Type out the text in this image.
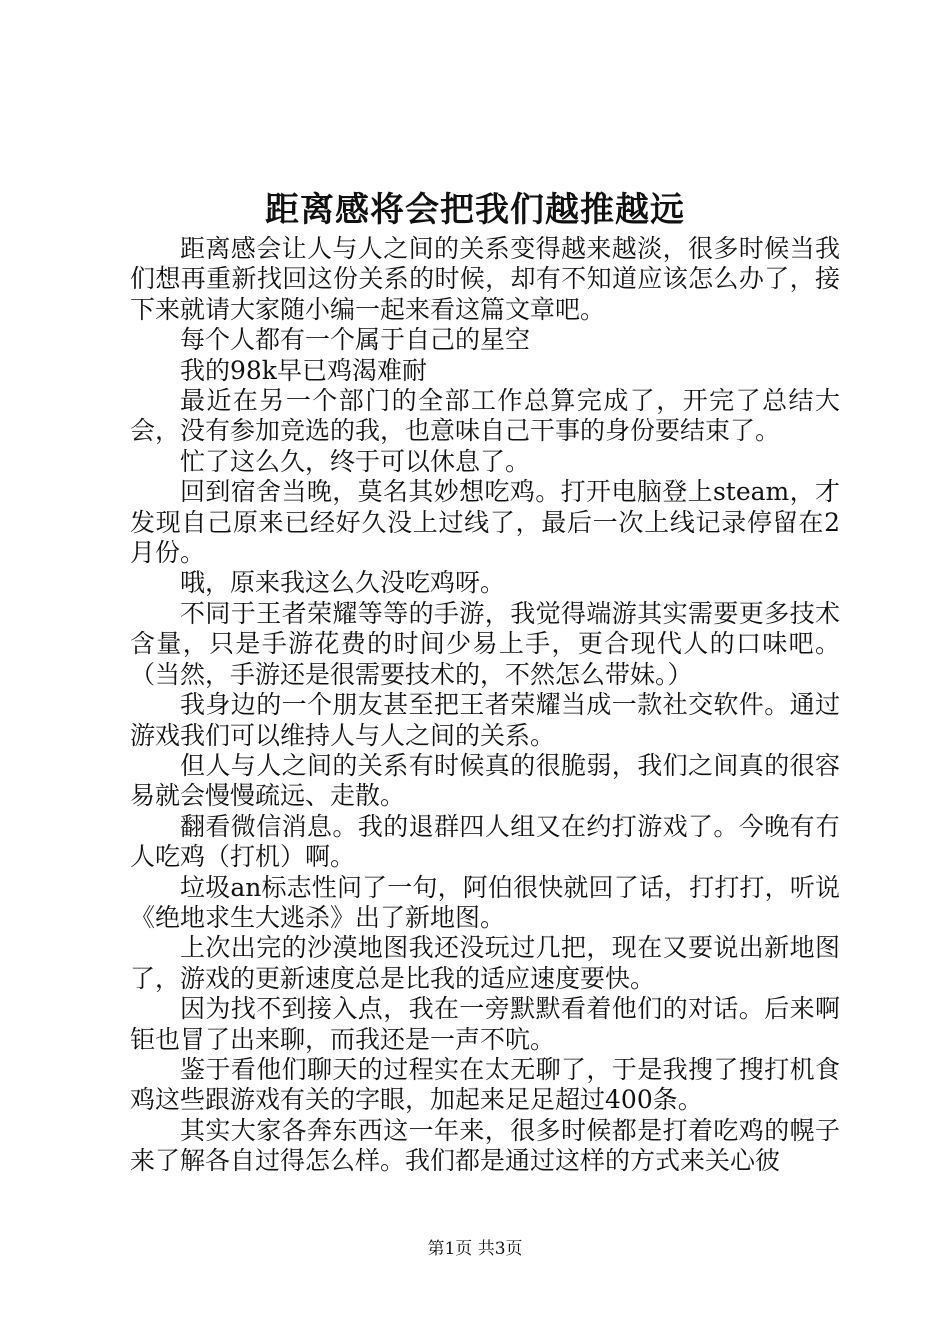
距离感将会把我们越推越远

距离感会让人与人之间的关系变得越来越淡，很多时候当我们想再重新找回这份关系的时候，却有不知道应该怎么办了，接下来就请大家随小编一起来看这篇文章吧。

每个人都有一个属于自己的星空

我的98k早已鸡渴难耐

最近在另一个部门的全部工作总算完成了，开完了总结大会，没有参加竞选的我，也意味自己干事的身份要结束了。

忙了这么久，终于可以休息了。

回到宿舍当晚，莫名其妙想吃鸡。打开电脑登上steam，才发现自己原来已经好久没上过线了，最后一次上线记录停留在2月份。

哦，原来我这么久没吃鸡呀。

不同于王者荣耀等等的手游，我觉得端游其实需要更多技术含量，只是手游花费的时间少易上手，更合现代人的口味吧。（当然，手游还是很需要技术的，不然怎么带妹。）

我身边的一个朋友甚至把王者荣耀当成一款社交软件。通过游戏我们可以维持人与人之间的关系。

但人与人之间的关系有时候真的很脆弱，我们之间真的很容易就会慢慢疏远、走散。

翻看微信消息。我的退群四人组又在约打游戏了。今晚有冇人吃鸡（打机）啊。

垃圾an标志性问了一句，阿伯很快就回了话，打打打，听说《绝地求生大逃杀》出了新地图。

上次出完的沙漠地图我还没玩过几把，现在又要说出新地图了，游戏的更新速度总是比我的适应速度要快。

因为找不到接入点，我在一旁默默看着他们的对话。后来啊钜也冒了出来聊，而我还是一声不吭。

鉴于看他们聊天的过程实在太无聊了，于是我搜了搜打机食鸡这些跟游戏有关的字眼，加起来足足超过400条。

其实大家各奔东西这一年来，很多时候都是打着吃鸡的幌子来了解各自过得怎么样。我们都是通过这样的方式来关心彼

第1页 共3页
